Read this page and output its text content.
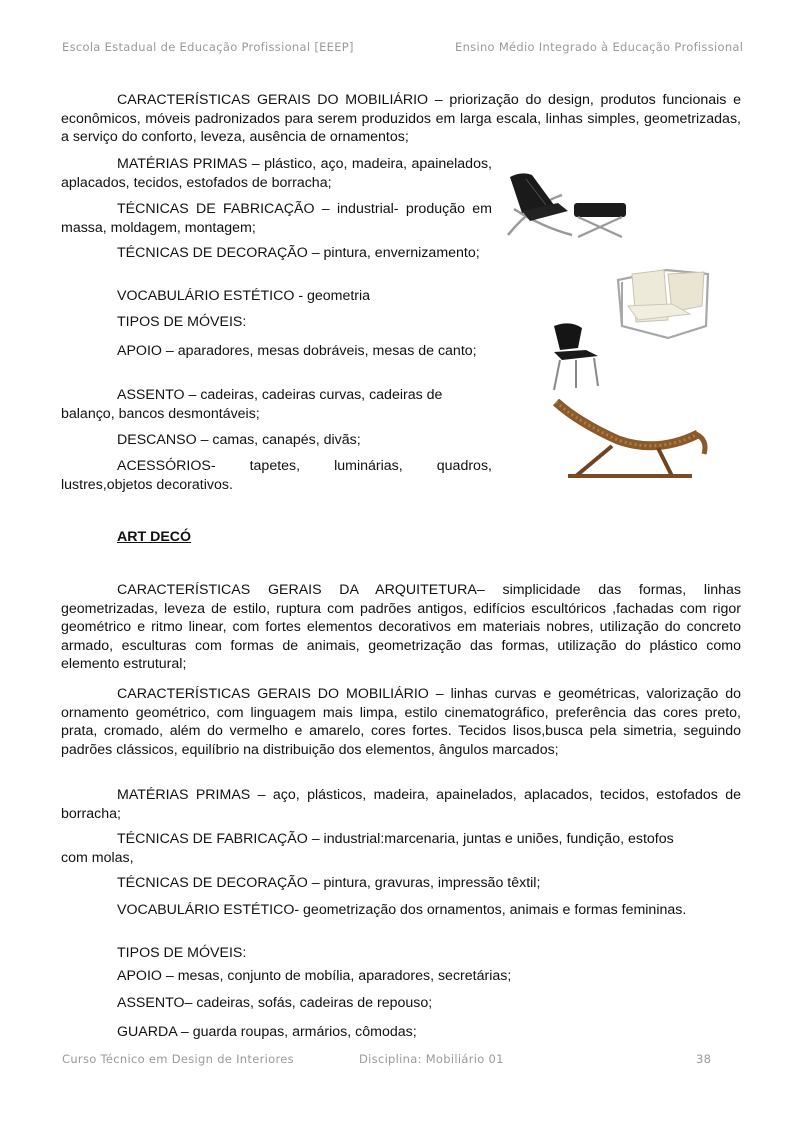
Escola Estadual de Educação Profissional [EEEP]	Ensino Médio Integrado à Educação Profissional
CARACTERÍSTICAS GERAIS DO MOBILIÁRIO – priorização do design, produtos funcionais e econômicos, móveis padronizados para serem produzidos em larga escala, linhas simples, geometrizadas, a serviço do conforto, leveza, ausência de ornamentos;
MATÉRIAS PRIMAS – plástico, aço, madeira, apainelados, aplacados, tecidos, estofados de borracha;
TÉCNICAS DE FABRICAÇÃO – industrial- produção em massa, moldagem, montagem;
TÉCNICAS DE DECORAÇÃO – pintura, envernizamento;
VOCABULÁRIO ESTÉTICO - geometria
TIPOS DE MÓVEIS:
APOIO – aparadores, mesas dobráveis, mesas de canto;
ASSENTO – cadeiras, cadeiras curvas, cadeiras de balanço, bancos desmontáveis;
DESCANSO – camas, canapés, divãs;
ACESSÓRIOS- tapetes, luminárias, quadros, lustres,objetos decorativos.
ART DECÓ
CARACTERÍSTICAS GERAIS DA ARQUITETURA– simplicidade das formas, linhas geometrizadas, leveza de estilo, ruptura com padrões antigos, edifícios escultóricos ,fachadas com rigor geométrico e ritmo linear, com fortes elementos decorativos em materiais nobres, utilização do concreto armado, esculturas com formas de animais, geometrização das formas, utilização do plástico como elemento estrutural;
CARACTERÍSTICAS GERAIS DO MOBILIÁRIO – linhas curvas e geométricas, valorização do ornamento geométrico, com linguagem mais limpa, estilo cinematográfico, preferência das cores preto, prata, cromado, além do vermelho e amarelo, cores fortes. Tecidos lisos,busca pela simetria, seguindo padrões clássicos, equilíbrio na distribuição dos elementos, ângulos marcados;
MATÉRIAS PRIMAS – aço, plásticos, madeira, apainelados, aplacados, tecidos, estofados de borracha;
TÉCNICAS DE FABRICAÇÃO – industrial:marcenaria, juntas e uniões, fundição, estofos com molas,
TÉCNICAS DE DECORAÇÃO – pintura, gravuras, impressão têxtil;
VOCABULÁRIO ESTÉTICO- geometrização dos ornamentos, animais e formas femininas.
TIPOS DE MÓVEIS:
APOIO – mesas, conjunto de mobília, aparadores, secretárias;
ASSENTO– cadeiras, sofás, cadeiras de repouso;
GUARDA – guarda roupas, armários, cômodas;
Curso Técnico em Design de Interiores	Disciplina: Mobiliário 01	38
